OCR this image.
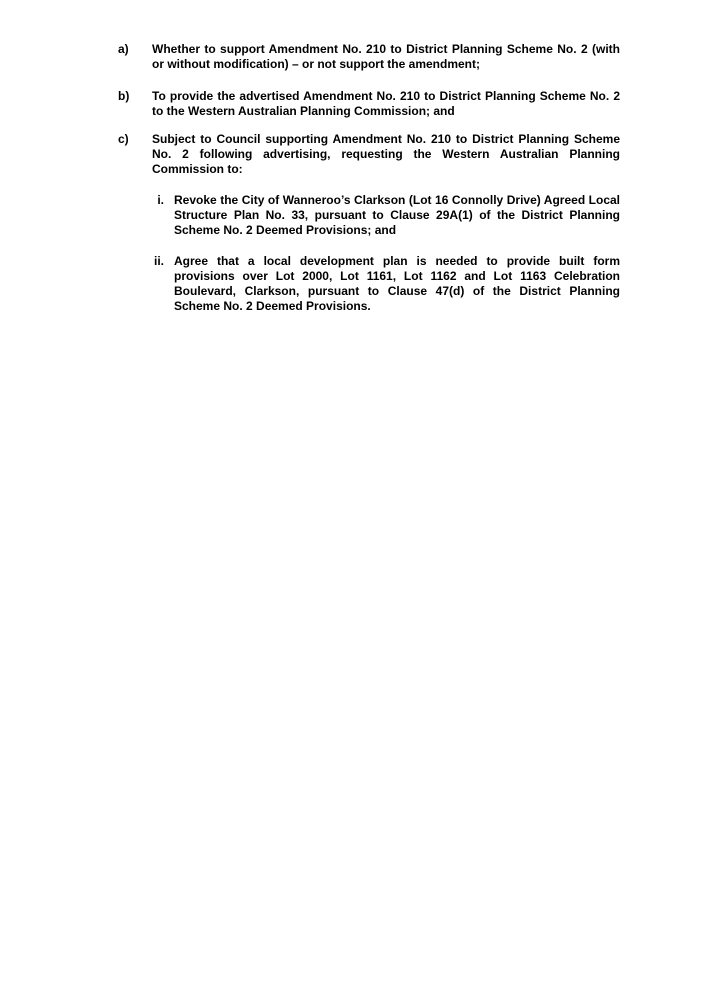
a) Whether to support Amendment No. 210 to District Planning Scheme No. 2 (with or without modification) – or not support the amendment;
b) To provide the advertised Amendment No. 210 to District Planning Scheme No. 2 to the Western Australian Planning Commission; and
c) Subject to Council supporting Amendment No. 210 to District Planning Scheme No. 2 following advertising, requesting the Western Australian Planning Commission to:
i. Revoke the City of Wanneroo’s Clarkson (Lot 16 Connolly Drive) Agreed Local Structure Plan No. 33, pursuant to Clause 29A(1) of the District Planning Scheme No. 2 Deemed Provisions; and
ii. Agree that a local development plan is needed to provide built form provisions over Lot 2000, Lot 1161, Lot 1162 and Lot 1163 Celebration Boulevard, Clarkson, pursuant to Clause 47(d) of the District Planning Scheme No. 2 Deemed Provisions.
